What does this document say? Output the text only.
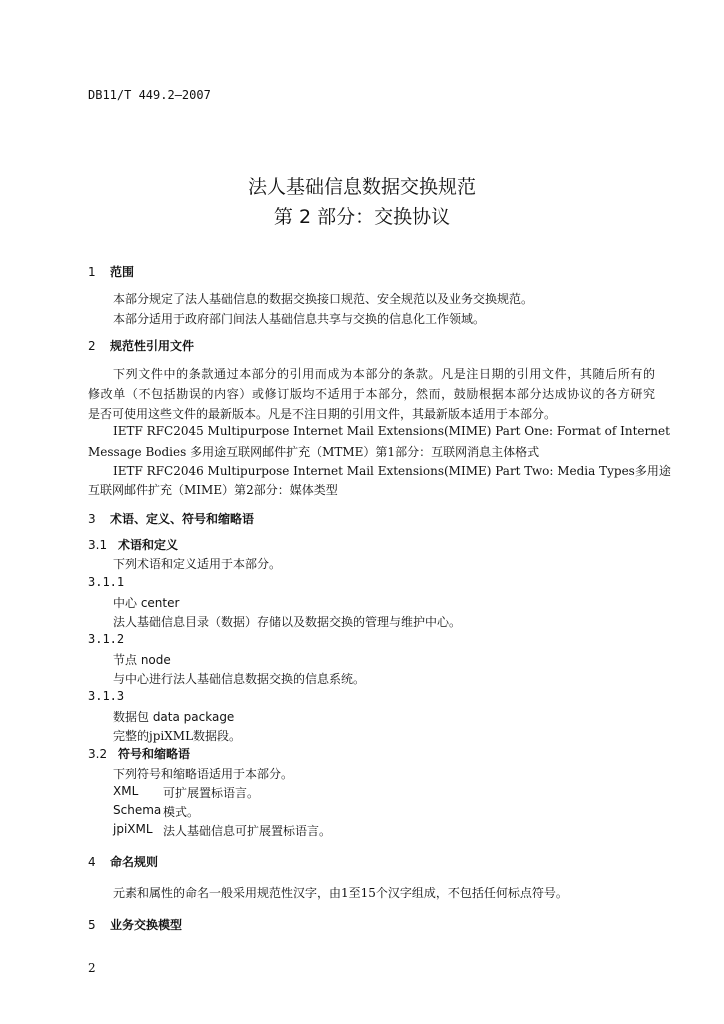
DB11/T 449.2—2007
法人基础信息数据交换规范
第 2 部分：交换协议
1 范围
本部分规定了法人基础信息的数据交换接口规范、安全规范以及业务交换规范。
本部分适用于政府部门间法人基础信息共享与交换的信息化工作领域。
2 规范性引用文件
下列文件中的条款通过本部分的引用而成为本部分的条款。凡是注日期的引用文件，其随后所有的
修改单（不包括勘误的内容）或修订版均不适用于本部分，然而，鼓励根据本部分达成协议的各方研究
是否可使用这些文件的最新版本。凡是不注日期的引用文件，其最新版本适用于本部分。
IETF RFC2045 Multipurpose Internet Mail Extensions(MIME) Part One: Format of Internet
Message Bodies 多用途互联网邮件扩充（MTME）第1部分：互联网消息主体格式
IETF RFC2046 Multipurpose Internet Mail Extensions(MIME) Part Two: Media Types多用途
互联网邮件扩充（MIME）第2部分：媒体类型
3 术语、定义、符号和缩略语
3.1 术语和定义
下列术语和定义适用于本部分。
3.1.1
中心 center
法人基础信息目录（数据）存储以及数据交换的管理与维护中心。
3.1.2
节点 node
与中心进行法人基础信息数据交换的信息系统。
3.1.3
数据包 data package
完整的jpiXML数据段。
3.2 符号和缩略语
下列符号和缩略语适用于本部分。
XML 可扩展置标语言。
Schema 模式。
jpiXML 法人基础信息可扩展置标语言。
4 命名规则
元素和属性的命名一般采用规范性汉字，由1至15个汉字组成，不包括任何标点符号。
5 业务交换模型
2
